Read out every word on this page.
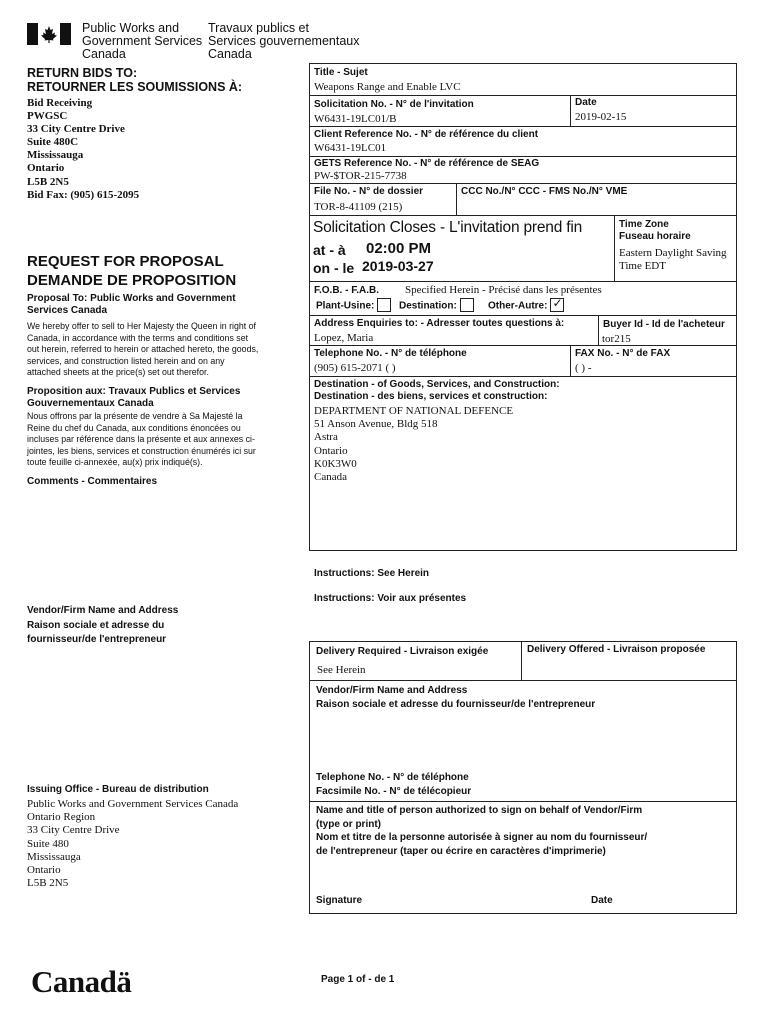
Public Works and
Government Services
Canada
Travaux publics et
Services gouvernementaux
Canada
RETURN BIDS TO:
RETOURNER LES SOUMISSIONS À:
Bid Receiving
PWGSC
33 City Centre Drive
Suite 480C
Mississauga
Ontario
L5B 2N5
Bid Fax: (905) 615-2095
REQUEST FOR PROPOSAL
DEMANDE DE PROPOSITION
Proposal To: Public Works and Government Services Canada
We hereby offer to sell to Her Majesty the Queen in right of Canada, in accordance with the terms and conditions set out herein, referred to herein or attached hereto, the goods, services, and construction listed herein and on any attached sheets at the price(s) set out therefor.
Proposition aux: Travaux Publics et Services Gouvernementaux Canada
Nous offrons par la présente de vendre à Sa Majesté la Reine du chef du Canada, aux conditions énoncées ou incluses par référence dans la présente et aux annexes ci-jointes, les biens, services et construction énumérés ici sur toute feuille ci-annexée, au(x) prix indiqué(s).
Comments - Commentaires
Vendor/Firm Name and Address
Raison sociale et adresse du
fournisseur/de l'entrepreneur
Issuing Office - Bureau de distribution
Public Works and Government Services Canada
Ontario Region
33 City Centre Drive
Suite 480
Mississauga
Ontario
L5B 2N5
Title - Sujet
Weapons Range and Enable LVC
Solicitation No. - N° de l'invitation
W6431-19LC01/B
Date
2019-02-15
Client Reference No. - N° de référence du client
W6431-19LC01
GETS Reference No. - N° de référence de SEAG
PW-$TOR-215-7738
File No. - N° de dossier
TOR-8-41109 (215)
CCC No./N° CCC - FMS No./N° VME
Solicitation Closes - L'invitation prend fin
at - à 02:00 PM
on - le 2019-03-27
Time Zone
Fuseau horaire
Eastern Daylight Saving
Time EDT
F.O.B. - F.A.B. Specified Herein - Précisé dans les présentes
Plant-Usine:	Destination:	Other-Autre: ✓
Address Enquiries to: - Adresser toutes questions à:
Lopez, Maria
Buyer Id - Id de l'acheteur
tor215
Telephone No. - N° de téléphone
(905) 615-2071 ( )
FAX No. - N° de FAX
( ) -
Destination - of Goods, Services, and Construction:
Destination - des biens, services et construction:
DEPARTMENT OF NATIONAL DEFENCE
51 Anson Avenue, Bldg 518
Astra
Ontario
K0K3W0
Canada
Instructions: See Herein
Instructions: Voir aux présentes
Delivery Required - Livraison exigée
See Herein
Delivery Offered - Livraison proposée
Vendor/Firm Name and Address
Raison sociale et adresse du fournisseur/de l'entrepreneur
Telephone No. - N° de téléphone
Facsimile No. - N° de télécopieur
Name and title of person authorized to sign on behalf of Vendor/Firm
(type or print)
Nom et titre de la personne autorisée à signer au nom du fournisseur/
de l'entrepreneur (taper ou écrire en caractères d'imprimerie)
Signature	Date
Canadä	Page 1 of - de 1
